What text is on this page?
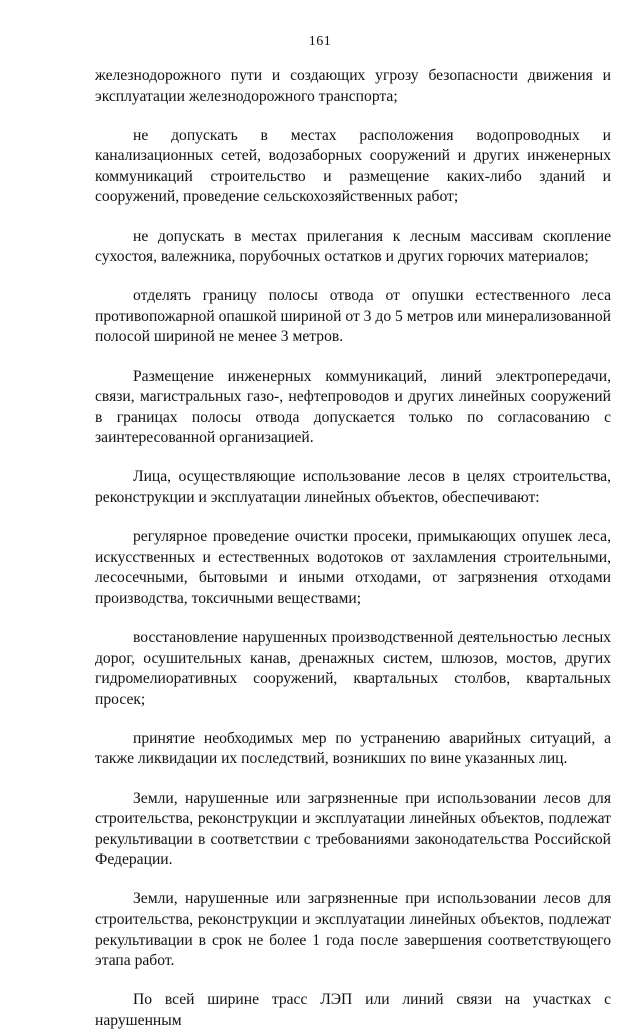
161

железнодорожного пути и создающих угрозу безопасности движения и эксплуатации железнодорожного транспорта;

не допускать в местах расположения водопроводных и канализационных сетей, водозаборных сооружений и других инженерных коммуникаций строительство и размещение каких-либо зданий и сооружений, проведение сельскохозяйственных работ;

не допускать в местах прилегания к лесным массивам скопление сухостоя, валежника, порубочных остатков и других горючих материалов;

отделять границу полосы отвода от опушки естественного леса противопожарной опашкой шириной от 3 до 5 метров или минерализованной полосой шириной не менее 3 метров.

Размещение инженерных коммуникаций, линий электропередачи, связи, магистральных газо-, нефтепроводов и других линейных сооружений в границах полосы отвода допускается только по согласованию с заинтересованной организацией.

Лица, осуществляющие использование лесов в целях строительства, реконструкции и эксплуатации линейных объектов, обеспечивают:

регулярное проведение очистки просеки, примыкающих опушек леса, искусственных и естественных водотоков от захламления строительными, лесосечными, бытовыми и иными отходами, от загрязнения отходами производства, токсичными веществами;

восстановление нарушенных производственной деятельностью лесных дорог, осушительных канав, дренажных систем, шлюзов, мостов, других гидромелиоративных сооружений, квартальных столбов, квартальных просек;

принятие необходимых мер по устранению аварийных ситуаций, а также ликвидации их последствий, возникших по вине указанных лиц.

Земли, нарушенные или загрязненные при использовании лесов для строительства, реконструкции и эксплуатации линейных объектов, подлежат рекультивации в соответствии с требованиями законодательства Российской Федерации.

Земли, нарушенные или загрязненные при использовании лесов для строительства, реконструкции и эксплуатации линейных объектов, подлежат рекультивации в срок не более 1 года после завершения соответствующего этапа работ.

По всей ширине трасс ЛЭП или линий связи на участках с нарушенным
